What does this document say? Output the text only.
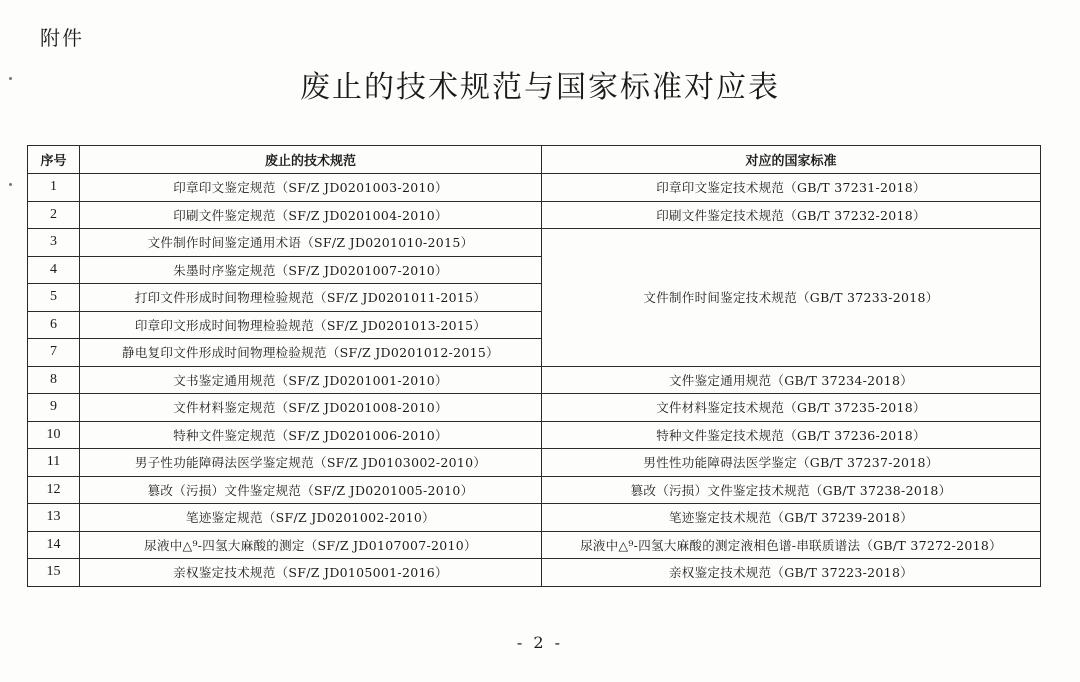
附件
废止的技术规范与国家标准对应表
序号	废止的技术规范	对应的国家标准
1	印章印文鉴定规范（SF/Z JD0201003-2010）	印章印文鉴定技术规范（GB/T 37231-2018）
2	印刷文件鉴定规范（SF/Z JD0201004-2010）	印刷文件鉴定技术规范（GB/T 37232-2018）
3	文件制作时间鉴定通用术语（SF/Z JD0201010-2015）	文件制作时间鉴定技术规范（GB/T 37233-2018）
4	朱墨时序鉴定规范（SF/Z JD0201007-2010）	
5	打印文件形成时间物理检验规范（SF/Z JD0201011-2015）	
6	印章印文形成时间物理检验规范（SF/Z JD0201013-2015）	
7	静电复印文件形成时间物理检验规范（SF/Z JD0201012-2015）	
8	文书鉴定通用规范（SF/Z JD0201001-2010）	文件鉴定通用规范（GB/T 37234-2018）
9	文件材料鉴定规范（SF/Z JD0201008-2010）	文件材料鉴定技术规范（GB/T 37235-2018）
10	特种文件鉴定规范（SF/Z JD0201006-2010）	特种文件鉴定技术规范（GB/T 37236-2018）
11	男子性功能障碍法医学鉴定规范（SF/Z JD0103002-2010）	男性性功能障碍法医学鉴定（GB/T 37237-2018）
12	篡改（污损）文件鉴定规范（SF/Z JD0201005-2010）	篡改（污损）文件鉴定技术规范（GB/T 37238-2018）
13	笔迹鉴定规范（SF/Z JD0201002-2010）	笔迹鉴定技术规范（GB/T 37239-2018）
14	尿液中△⁹-四氢大麻酸的测定（SF/Z JD0107007-2010）	尿液中△⁹-四氢大麻酸的测定液相色谱-串联质谱法（GB/T 37272-2018）
15	亲权鉴定技术规范（SF/Z JD0105001-2016）	亲权鉴定技术规范（GB/T 37223-2018）
- 2 -
